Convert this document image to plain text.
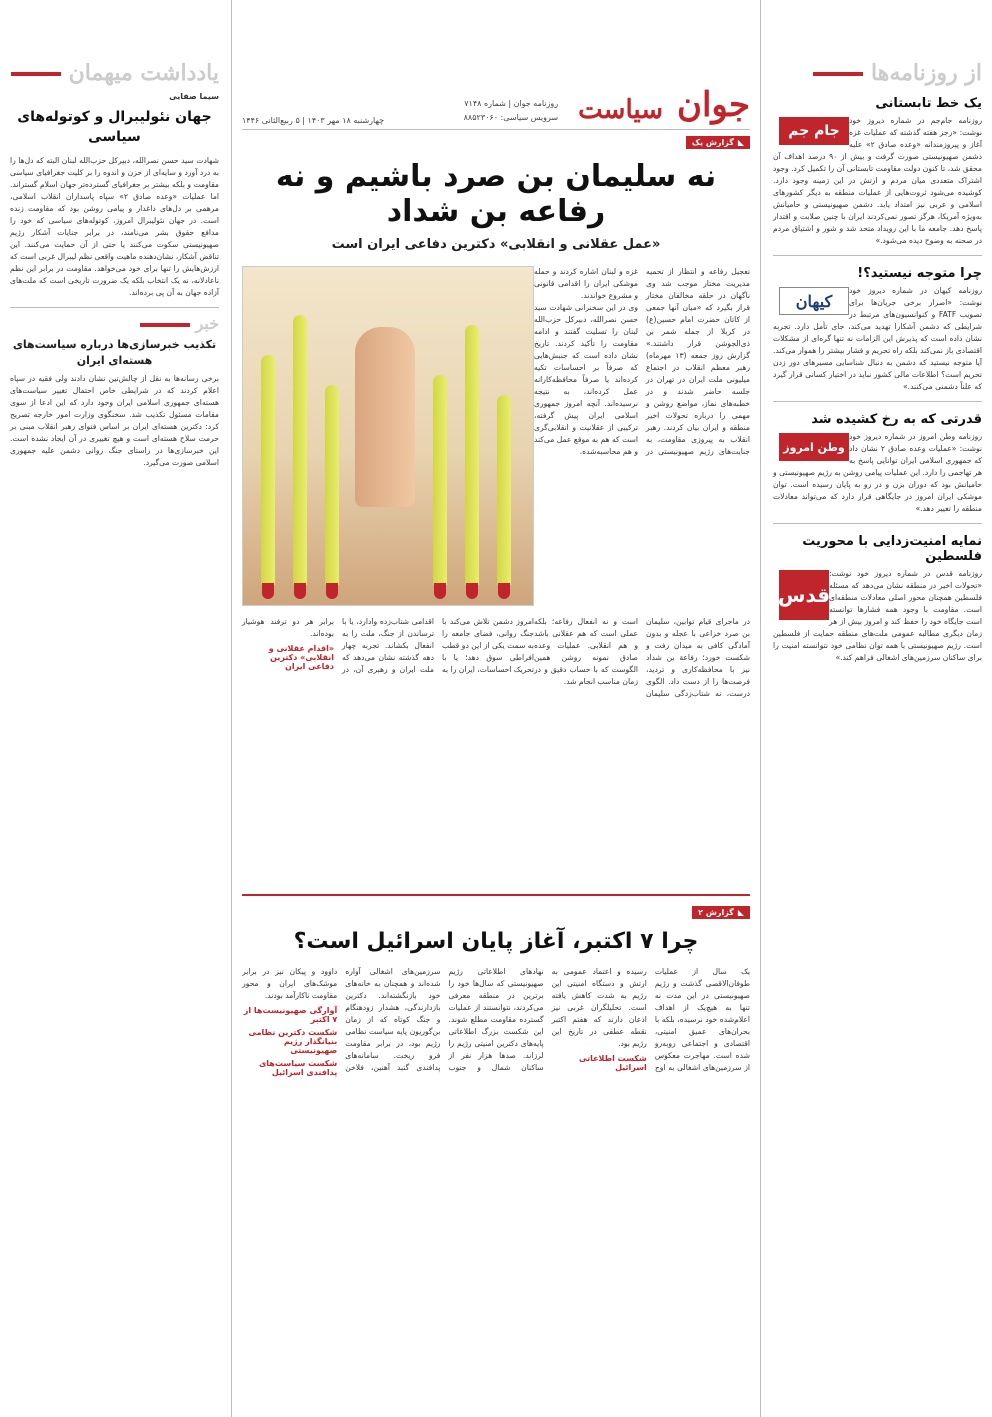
از روزنامه‌ها
یک خط تابستانی
جام جم

روزنامه جام‌جم در شماره دیروز خود نوشت: «رجز هفته گذشته که عملیات غزه آغاز و پیروزمندانه «وعده صادق ۲» علیه دشمن صهیونیستی صورت گرفت و بیش از ۹۰ درصد اهداف آن محقق شد، تا کنون دولت مقاومت تابستانی آن را تکمیل کرد. وجود اشتراک متعددی میان مردم و ارتش در این زمینه وجود دارد. کوشیده می‌شود ثروت‌هایی از عملیات منطقه به دیگر کشورهای اسلامی و عربی نیز امتداد یابد. دشمن صهیونیستی و حامیانش به‌ویژه آمریکا، هرگز تصور نمی‌کردند ایران با چنین صلابت و اقتدار پاسخ دهد. جامعه ما با این رویداد متحد شد و شور و اشتیاق مردم در صحنه به وضوح دیده می‌شود.»

چرا متوجه نیستید؟!
کیهان

روزنامه کیهان در شماره دیروز خود نوشت: «اصرار برخی جریان‌ها برای تصویب FATF و کنوانسیون‌های مرتبط در شرایطی که دشمن آشکارا تهدید می‌کند، جای تأمل دارد. تجربه نشان داده است که پذیرش این الزامات نه تنها گره‌ای از مشکلات اقتصادی باز نمی‌کند بلکه راه تحریم و فشار بیشتر را هموار می‌کند. آیا متوجه نیستید که دشمن به دنبال شناسایی مسیرهای دور زدن تحریم است؟ اطلاعات مالی کشور نباید در اختیار کسانی قرار گیرد که علناً دشمنی می‌کنند.»

قدرتی که به رخ کشیده شد
وطن امروز

روزنامه وطن امروز در شماره دیروز خود نوشت: «عملیات وعده صادق ۲ نشان داد که جمهوری اسلامی ایران توانایی پاسخ به هر تهاجمی را دارد. این عملیات پیامی روشن به رژیم صهیونیستی و حامیانش بود که دوران بزن و در رو به پایان رسیده است. توان موشکی ایران امروز در جایگاهی قرار دارد که می‌تواند معادلات منطقه را تغییر دهد.»

نمایه امنیت‌زدایی با محوریت فلسطین
قدس

روزنامه قدس در شماره دیروز خود نوشت: «تحولات اخیر در منطقه نشان می‌دهد که مسئله فلسطین همچنان محور اصلی معادلات منطقه‌ای است. مقاومت با وجود همه فشارها توانسته است جایگاه خود را حفظ کند و امروز بیش از هر زمان دیگری مطالبه عمومی ملت‌های منطقه حمایت از فلسطین است. رژیم صهیونیستی با همه توان نظامی خود نتوانسته امنیت را برای ساکنان سرزمین‌های اشغالی فراهم کند.»

جوان
سیاست
روزنامه جوان | شماره ۷۱۴۸
سرویس سیاسی: ۸۸۵۲۳۰۶۰
چهارشنبه ۱۸ مهر ۱۴۰۳ | ۵ ربیع‌الثانی ۱۴۴۶
◣
گزارش یک
نه سلیمان بن صرد باشیم و نه رفاعه بن شداد
«عمل عقلانی و انقلابی» دکترین دفاعی ایران است

تعجیل رفاعه و انتظار از تحمیه مدیریت مختار موجب شد وی ناگهان در حلقه مخالفان مختار قرار بگیرد که «میان آنها جمعی از کاتان حضرت امام حسین(ع) در کربلا از جمله شمر بن ذی‌الجوشن قرار داشتند.» گزارش روز جمعه (۱۳ مهرماه) رهبر معظم انقلاب در اجتماع میلیونی ملت ایران در تهران در جلسه حاضر شدند و در خطبه‌های نماز، مواضع روشن و مهمی را درباره تحولات اخیر منطقه و ایران بیان کردند. رهبر انقلاب به پیروزی مقاومت، به جنایت‌های رژیم صهیونیستی در غزه و لبنان اشاره کردند و حمله موشکی ایران را اقدامی قانونی و مشروع خواندند.

وی در این سخنرانی شهادت سید حسن نصرالله، دبیرکل حزب‌الله لبنان را تسلیت گفتند و ادامه مقاومت را تأکید کردند. تاریخ نشان داده است که جنبش‌هایی که صرفاً بر احساسات تکیه کرده‌اند یا صرفاً محافظه‌کارانه عمل کرده‌اند، به نتیجه نرسیده‌اند. آنچه امروز جمهوری اسلامی ایران پیش گرفته، ترکیبی از عقلانیت و انقلابی‌گری است که هم به موقع عمل می‌کند و هم محاسبه‌شده.

در ماجرای قیام توابین، سلیمان بن صرد خزاعی با عجله و بدون آمادگی کافی به میدان رفت و شکست خورد؛ رفاعة بن شداد نیز با محافظه‌کاری و تردید، فرصت‌ها را از دست داد. الگوی درست، نه شتاب‌زدگی سلیمان است و نه انفعال رفاعه؛ بلکه عملی است که هم عقلانی باشد و هم انقلابی. عملیات وعده صادق نمونه روشن همین الگوست که با حساب دقیق و در زمان مناسب انجام شد.

امروز دشمن تلاش می‌کند با جنگ روانی، فضای جامعه را به سمت یکی از این دو قطب افراطی سوق دهد؛ یا با تحریک احساسات، ایران را به اقدامی شتاب‌زده وادارد، یا با ترساندن از جنگ، ملت را به انفعال بکشاند. تجربه چهار دهه گذشته نشان می‌دهد که ملت ایران و رهبری آن، در برابر هر دو ترفند هوشیار بوده‌اند.

«اقدام عقلانی و انقلابی» دکترین دفاعی ایران
◣
گزارش ۲
چرا ۷ اکتبر، آغاز پایان اسرائیل است؟

یک سال از عملیات طوفان‌الاقصی گذشت و رژیم صهیونیستی در این مدت نه تنها به هیچ‌یک از اهداف اعلام‌شده خود نرسیده، بلکه با بحران‌های عمیق امنیتی، اقتصادی و اجتماعی روبه‌رو شده است. مهاجرت معکوس از سرزمین‌های اشغالی به اوج رسیده و اعتماد عمومی به ارتش و دستگاه امنیتی این رژیم به شدت کاهش یافته است. تحلیلگران غربی نیز اذعان دارند که هفتم اکتبر نقطه عطفی در تاریخ این رژیم بود.

شکست اطلاعاتی اسرائیل

نهادهای اطلاعاتی رژیم صهیونیستی که سال‌ها خود را برترین در منطقه معرفی می‌کردند، نتوانستند از عملیات گسترده مقاومت مطلع شوند. این شکست بزرگ اطلاعاتی پایه‌های دکترین امنیتی رژیم را لرزاند. صدها هزار نفر از ساکنان شمال و جنوب سرزمین‌های اشغالی آواره شده‌اند و همچنان به خانه‌های خود بازنگشته‌اند. دکترین بازدارندگی، هشدار زودهنگام و جنگ کوتاه که از زمان بن‌گوریون پایه سیاست نظامی رژیم بود، در برابر مقاومت فرو ریخت. سامانه‌های پدافندی گنبد آهنین، فلاخن داوود و پیکان نیز در برابر موشک‌های ایران و محور مقاومت ناکارآمد بودند.

آوارگی صهیونیست‌ها از ۷ اکتبر
شکست دکترین نظامی بنیانگذار رژیم صهیونیستی
شکست سیاست‌های پدافندی اسرائیل
یادداشت میهمان
سیما صفایی
جهان نئولیبرال و کوتوله‌های سیاسی

شهادت سید حسن نصرالله، دبیرکل حزب‌الله لبنان البته که دل‌ها را به درد آورد و سایه‌ای از حزن و اندوه را بر کلیت جغرافیای سیاسی مقاومت و بلکه بیشتر بر جغرافیای گسترده‌تر جهان اسلام گستراند. اما عملیات «وعده صادق ۲» سپاه پاسداران انقلاب اسلامی، مرهمی بر دل‌های داغدار و پیامی روشن بود که مقاومت زنده است. در جهان نئولیبرال امروز، کوتوله‌های سیاسی که خود را مدافع حقوق بشر می‌نامند، در برابر جنایات آشکار رژیم صهیونیستی سکوت می‌کنند یا حتی از آن حمایت می‌کنند. این تناقض آشکار، نشان‌دهنده ماهیت واقعی نظم لیبرال غربی است که ارزش‌هایش را تنها برای خود می‌خواهد. مقاومت در برابر این نظم ناعادلانه، نه یک انتخاب بلکه یک ضرورت تاریخی است که ملت‌های آزاده جهان به آن پی برده‌اند.

خبر
تکذیب خبرسازی‌ها درباره سیاست‌های هسته‌ای ایران

برخی رسانه‌ها به نقل از چالش‌تین نشان دادند ولی فقیه در سپاه اعلام کردند که در شرایطی خاص احتمال تغییر سیاست‌های هسته‌ای جمهوری اسلامی ایران وجود دارد که این ادعا از سوی مقامات مسئول تکذیب شد. سخنگوی وزارت امور خارجه تصریح کرد: دکترین هسته‌ای ایران بر اساس فتوای رهبر انقلاب مبنی بر حرمت سلاح هسته‌ای است و هیچ تغییری در آن ایجاد نشده است. این خبرسازی‌ها در راستای جنگ روانی دشمن علیه جمهوری اسلامی صورت می‌گیرد.
